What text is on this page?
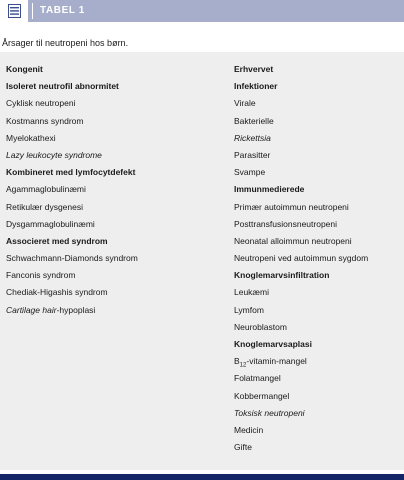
TABEL 1
Årsager til neutropeni hos børn.
Kongenit
Isoleret neutrofil abnormitet
Cyklisk neutropeni
Kostmanns syndrom
Myelokathexi
Lazy leukocyte syndrome
Kombineret med lymfocytdefekt
Agammaglobulinæmi
Retikulær dysgenesi
Dysgammaglobulinæmi
Associeret med syndrom
Schwachmann-Diamonds syndrom
Fanconis syndrom
Chediak-Higashis syndrom
Cartilage hair-hypoplasi
Erhvervet
Infektioner
Virale
Bakterielle
Rickettsia
Parasitter
Svampe
Immunmedierede
Primær autoimmun neutropeni
Posttransfusionsneutropeni
Neonatal alloimmun neutropeni
Neutropeni ved autoimmun sygdom
Knoglemarvsinfiltration
Leukæmi
Lymfom
Neuroblastom
Knoglemarvsaplasi
$B_{12}-vitamin$-mangel
Folatmangel
Kobbermangel
Toksisk neutropeni
Medicin
Gifte
